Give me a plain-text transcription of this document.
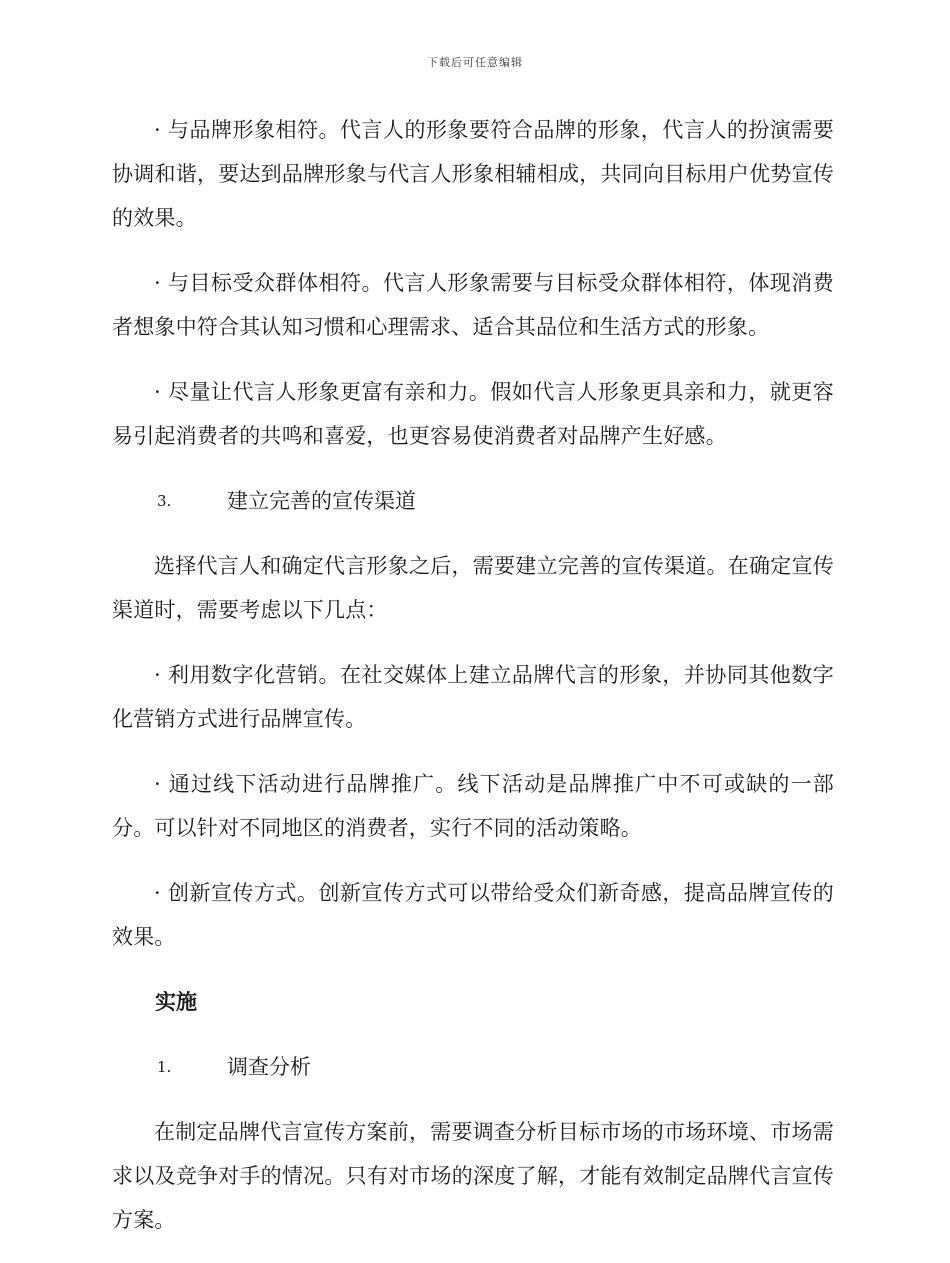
下载后可任意编辑

· 与品牌形象相符。代言人的形象要符合品牌的形象，代言人的扮演需要协调和谐，要达到品牌形象与代言人形象相辅相成，共同向目标用户优势宣传的效果。

· 与目标受众群体相符。代言人形象需要与目标受众群体相符，体现消费者想象中符合其认知习惯和心理需求、适合其品位和生活方式的形象。

· 尽量让代言人形象更富有亲和力。假如代言人形象更具亲和力，就更容易引起消费者的共鸣和喜爱，也更容易使消费者对品牌产生好感。

3.	建立完善的宣传渠道

选择代言人和确定代言形象之后，需要建立完善的宣传渠道。在确定宣传渠道时，需要考虑以下几点：

· 利用数字化营销。在社交媒体上建立品牌代言的形象，并协同其他数字化营销方式进行品牌宣传。

· 通过线下活动进行品牌推广。线下活动是品牌推广中不可或缺的一部分。可以针对不同地区的消费者，实行不同的活动策略。

· 创新宣传方式。创新宣传方式可以带给受众们新奇感，提高品牌宣传的效果。

实施
1.	调查分析

在制定品牌代言宣传方案前，需要调查分析目标市场的市场环境、市场需求以及竞争对手的情况。只有对市场的深度了解，才能有效制定品牌代言宣传方案。
